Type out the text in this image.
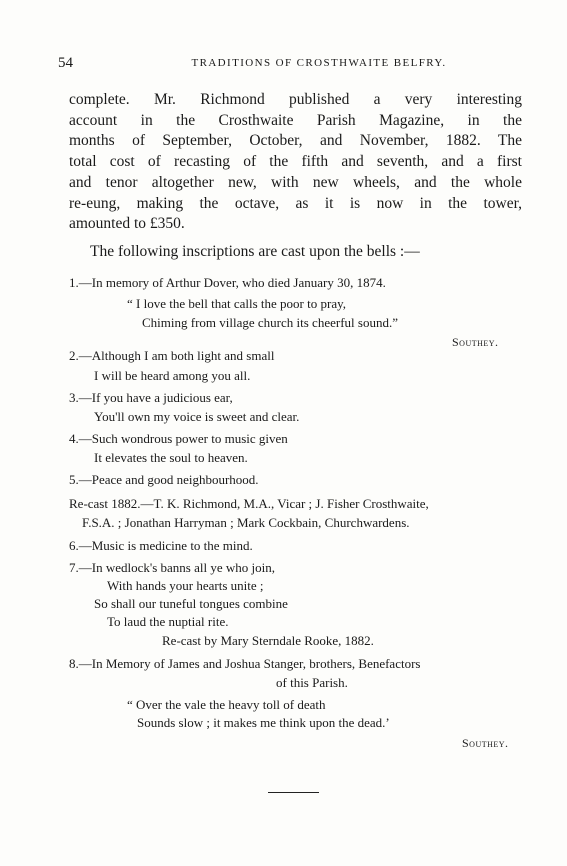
54	TRADITIONS OF CROSTHWAITE BELFRY.
complete. Mr. Richmond published a very interesting
account in the Crosthwaite Parish Magazine, in the
months of September, October, and November, 1882. The
total cost of recasting of the fifth and seventh, and a first
and tenor altogether new, with new wheels, and the whole
re-eung, making the octave, as it is now in the tower,
amounted to £350.
The following inscriptions are cast upon the bells :—
1.—In memory of Arthur Dover, who died January 30, 1874.
“ I love the bell that calls the poor to pray,
Chiming from village church its cheerful sound.”
Southey.
2.—Although I am both light and small
I will be heard among you all.
3.—If you have a judicious ear,
You'll own my voice is sweet and clear.
4.—Such wondrous power to music given
It elevates the soul to heaven.
5.—Peace and good neighbourhood.
Re-cast 1882.—T. K. Richmond, M.A., Vicar ; J. Fisher Crosthwaite,
F.S.A. ; Jonathan Harryman ; Mark Cockbain, Churchwardens.
6.—Music is medicine to the mind.
7.—In wedlock's banns all ye who join,
With hands your hearts unite ;
So shall our tuneful tongues combine
To laud the nuptial rite.
Re-cast by Mary Sterndale Rooke, 1882.
8.—In Memory of James and Joshua Stanger, brothers, Benefactors
of this Parish.
“ Over the vale the heavy toll of death
Sounds slow ; it makes me think upon the dead.’
Southey.
